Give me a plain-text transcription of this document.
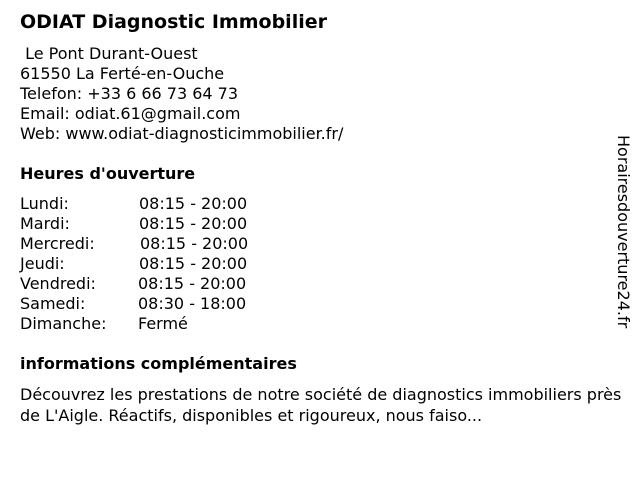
ODIAT Diagnostic Immobilier
Le Pont Durant-Ouest
61550 La Ferté-en-Ouche
Telefon: +33 6 66 73 64 73
Email: odiat.61@gmail.com
Web: www.odiat-diagnosticimmobilier.fr/
Heures d'ouverture
Lundi:	08:15 - 20:00
Mardi:	08:15 - 20:00
Mercredi:	08:15 - 20:00
Jeudi:	08:15 - 20:00
Vendredi:	08:15 - 20:00
Samedi:	08:30 - 18:00
Dimanche: Fermé
informations complémentaires
Découvrez les prestations de notre société de diagnostics immobiliers près de L'Aigle. Réactifs, disponibles et rigoureux, nous faiso...
Horairesdouverture24.fr
